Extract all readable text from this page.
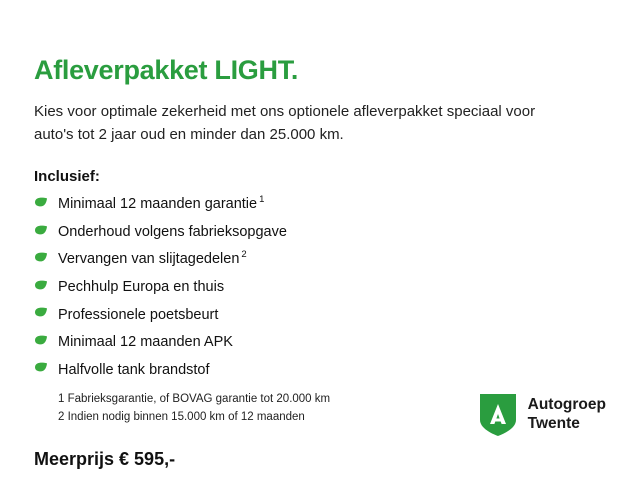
Afleverpakket LIGHT.

Kies voor optimale zekerheid met ons optionele afleverpakket speciaal voor auto's tot 2 jaar oud en minder dan 25.000 km.

Inclusief:
Minimaal 12 maanden garantie $^1$
Onderhoud volgens fabrieksopgave
Vervangen van slijtagedelen $^2$
Pechhulp Europa en thuis
Professionele poetsbeurt
Minimaal 12 maanden APK
Halfvolle tank brandstof
1 Fabrieksgarantie, of BOVAG garantie tot 20.000 km
2 Indien nodig binnen 15.000 km of 12 maanden
Meerprijs € 595,-
Autogroep
Twente
